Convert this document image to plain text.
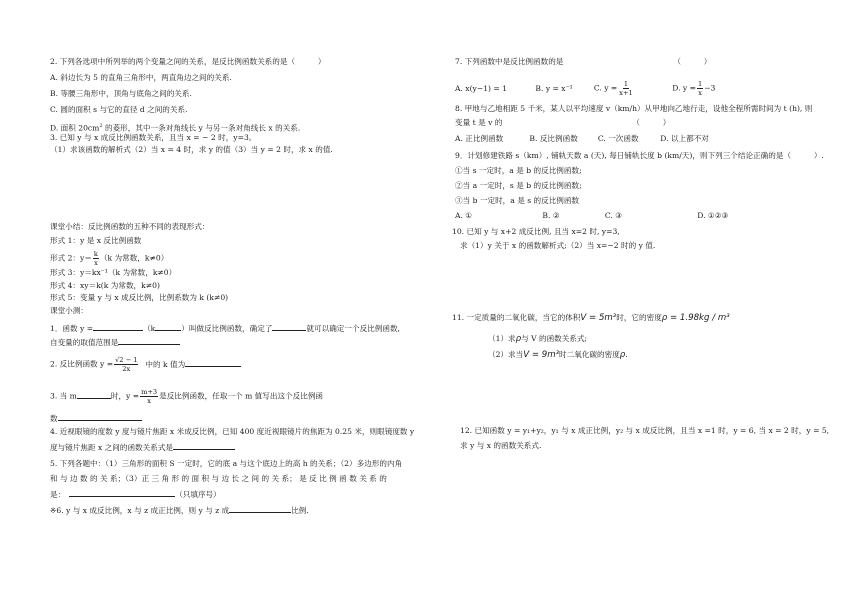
2. 下列各选项中所列举的两个变量之间的关系，是反比例函数关系的是（　　　）
A. 斜边长为 5 的直角三角形中，两直角边之间的关系.
B. 等腰三角形中，顶角与底角之间的关系.
C. 圆的面积 s 与它的直径 d 之间的关系.
D. 面积 $20cm^2$ 的菱形，其中一条对角线长 y 与另一条对角线长 x 的关系.
3. 已知 y 与 x 成反比例函数关系，且当 x = − 2 时，y=3。
（1）求该函数的解析式（2）当 x = 4 时，求 y 的值（3）当 y = 2 时，求 x 的值.
课堂小结：反比例函数的五种不同的表现形式：
形式 1：y 是 x 反比例函数
形式 2：$y= \frac{k}{x} (k$ 为常数，k≠0）
形式 3：y＝kx⁻¹（k 为常数，k≠0）
形式 4：xy＝k(k 为常数，k≠0)
形式 5：变量 y 与 x 成反比例，比例系数为 k (k≠0)
课堂小测：
1．函数 y =	（k	）叫做反比例函数，确定了	就可以确定一个反比例函数,
自变量的取值范围是
2. 反比例函数 $y = \frac{√2 - 1}{2x}$ 中的 k 值为
3. 当 m	时，$y = \frac{m+3}{x}$ 是反比例函数，任取一个 m 值写出这个反比例函
数
4. 近视眼镜的度数 y 度与镜片焦距 x 米成反比例，已知 400 度近视眼镜片的焦距为 0.25 米，则眼镜度数 y
度与镜片焦距 x 之间的函数关系式是
5. 下列各题中：（1）三角形的面积 S 一定时，它的底 a 与这个底边上的高 h 的关系；（2）多边形的内角
和 与 边 数 的 关 系；（3）正 三 角 形 的 面 积 与 边 长 之 间 的 关 系； 是 反 比 例 函 数 关 系 的
是：	（只填序号）
※6. y 与 x 成反比例，x 与 z 成正比例，则 y 与 z 成	比例.
7. 下列函数中是反比例函数的是	（　　　）
A. x(y−1) = 1	B. y = x⁻¹	C. $y = \frac{1}{x+1}$	D. $y = \frac{1}{x} -3$
8. 甲地与乙地相距 5 千米，某人以平均速度 v（km/h）从甲地向乙地行走，设他全程所需时间为 t (h), 则
变量 t 是 v 的	（　　　）
A. 正比例函数	B. 反比例函数	C. 一次函数	D. 以上都不对
9．计划修建铁路 s（km）, 铺轨天数 a (天), 每日铺轨长度 b (km/天)，则下列三个结论正确的是（　　　）.
①当 s 一定时，a 是 b 的反比例函数;
②当 a 一定时，s 是 b 的反比例函数;
③当 b 一定时，a 是 s 的反比例函数
A. ①	B. ②	C. ③	D. ①②③
10. 已知 y 与 x+2 成反比例, 且当 x=2 时, y=3,
求（1）y 关于 x 的函数解析式;（2）当 x=−2 时的 y 值.
11. 一定质量的二氧化碳，当它的体积V = 5m³时，它的密度ρ = 1.98kg / m³
（1）求ρ与 V 的函数关系式;
（2）求当V = 9m³时二氧化碳的密度ρ.
12. 已知函数 y = y₁+y₂，y₁ 与 x 成正比例，y₂ 与 x 成反比例，且当 x =1 时，y = 6, 当 x = 2 时，y = 5,
求 y 与 x 的函数关系式.
